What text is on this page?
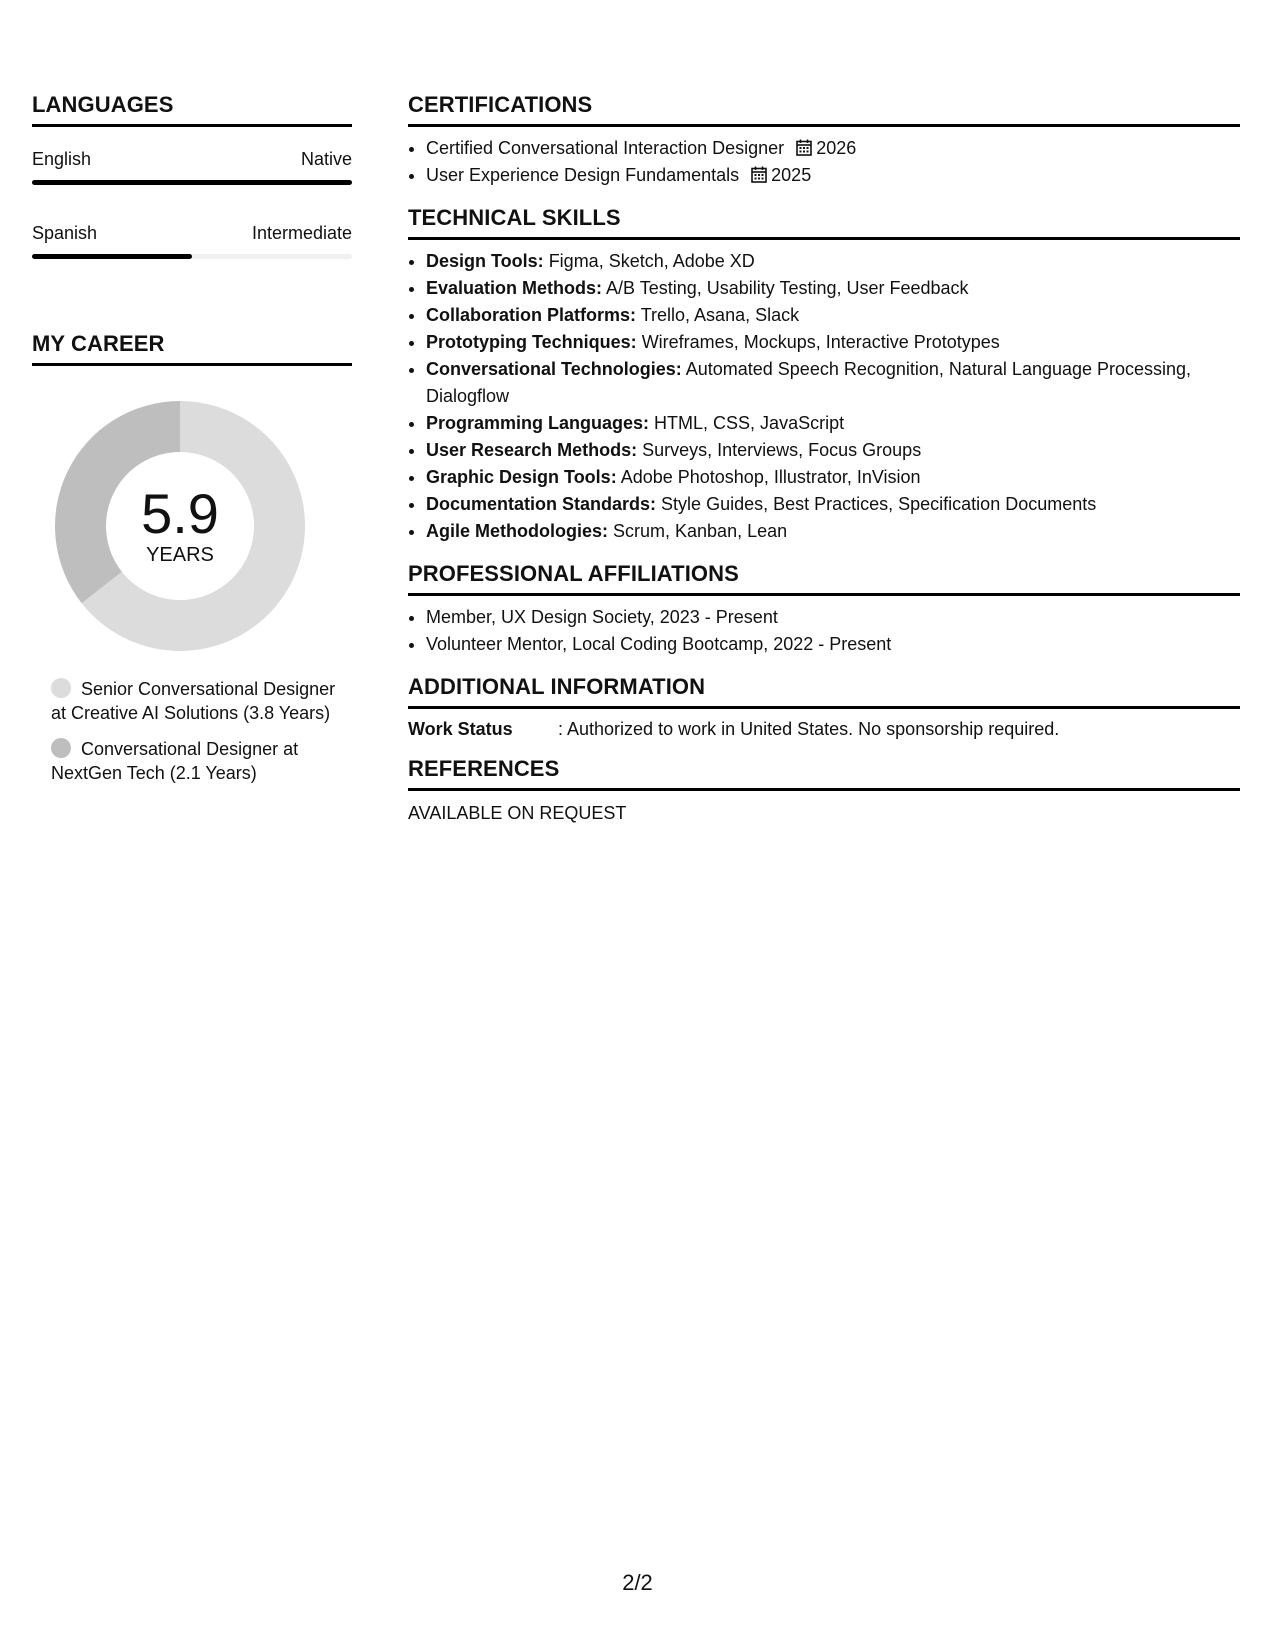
LANGUAGES
English	Native
Spanish	Intermediate
MY CAREER
5.9
YEARS
Senior Conversational Designer at Creative AI Solutions (3.8 Years)
Conversational Designer at NextGen Tech (2.1 Years)
CERTIFICATIONS
• Certified Conversational Interaction Designer 2026
• User Experience Design Fundamentals 2025
TECHNICAL SKILLS
• Design Tools: Figma, Sketch, Adobe XD
• Evaluation Methods: A/B Testing, Usability Testing, User Feedback
• Collaboration Platforms: Trello, Asana, Slack
• Prototyping Techniques: Wireframes, Mockups, Interactive Prototypes
• Conversational Technologies: Automated Speech Recognition, Natural Language Processing, Dialogflow
• Programming Languages: HTML, CSS, JavaScript
• User Research Methods: Surveys, Interviews, Focus Groups
• Graphic Design Tools: Adobe Photoshop, Illustrator, InVision
• Documentation Standards: Style Guides, Best Practices, Specification Documents
• Agile Methodologies: Scrum, Kanban, Lean
PROFESSIONAL AFFILIATIONS
• Member, UX Design Society, 2023 - Present
• Volunteer Mentor, Local Coding Bootcamp, 2022 - Present
ADDITIONAL INFORMATION
Work Status	: Authorized to work in United States. No sponsorship required.
REFERENCES
AVAILABLE ON REQUEST
2/2
